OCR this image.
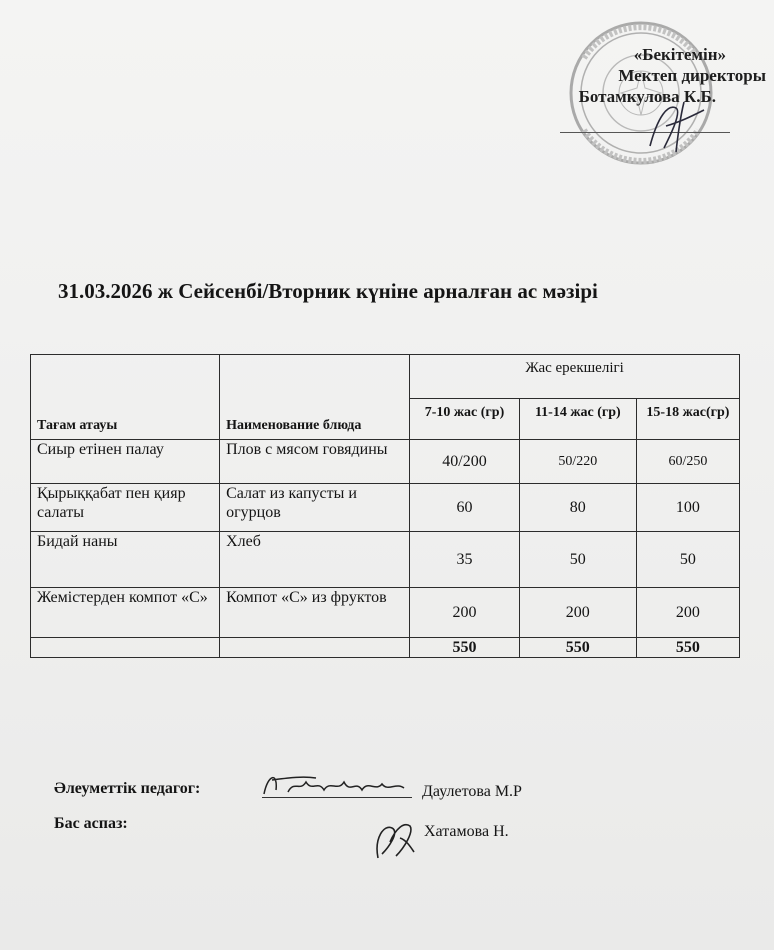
«Бекітемін»
Мектеп директоры
Ботамкулова К.Б.
31.03.2026 ж Сейсенбі/Вторник күніне арналған ас мәзірі
Тағам атауы	Наименование блюда	Жас ерекшелігі		
		7-10 жас (гр)	11-14 жас (гр)	15-18 жас(гр)
Сиыр етінен палау	Плов с мясом говядины	40/200	50/220	60/250
Қырыққабат пен қияр салаты	Салат из капусты и огурцов	60	80	100
Бидай наны	Хлеб	35	50	50
Жемістерден компот «С»	Компот «С» из фруктов	200	200	200
		550	550	550
Әлеуметтік педагог:	Даулетова М.Р
Бас аспаз:	Хатамова Н.
